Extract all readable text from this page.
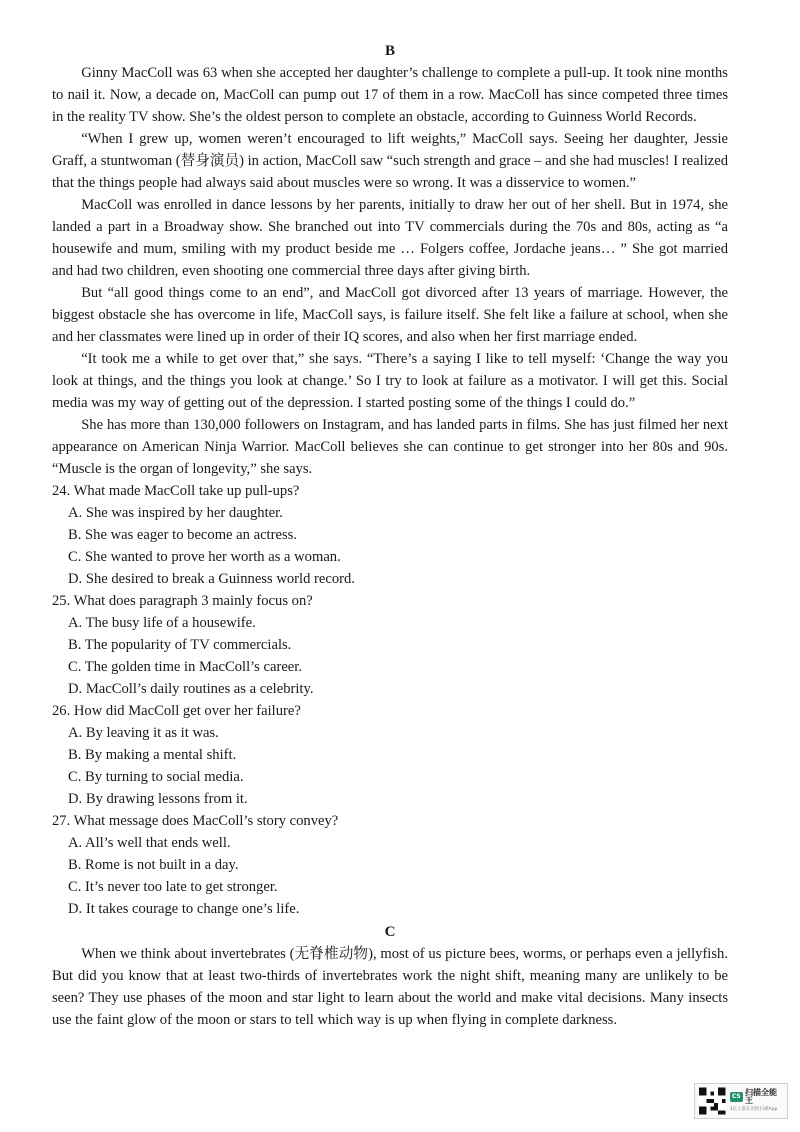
B

Ginny MacColl was 63 when she accepted her daughter’s challenge to complete a pull-up. It took nine months to nail it. Now, a decade on, MacColl can pump out 17 of them in a row. MacColl has since competed three times in the reality TV show. She’s the oldest person to complete an obstacle, according to Guinness World Records.

“When I grew up, women weren’t encouraged to lift weights,” MacColl says. Seeing her daughter, Jessie Graff, a stuntwoman (替身演员) in action, MacColl saw “such strength and grace – and she had muscles! I realized that the things people had always said about muscles were so wrong. It was a disservice to women.”

MacColl was enrolled in dance lessons by her parents, initially to draw her out of her shell. But in 1974, she landed a part in a Broadway show. She branched out into TV commercials during the 70s and 80s, acting as “a housewife and mum, smiling with my product beside me … Folgers coffee, Jordache jeans… ” She got married and had two children, even shooting one commercial three days after giving birth.

But “all good things come to an end”, and MacColl got divorced after 13 years of marriage. However, the biggest obstacle she has overcome in life, MacColl says, is failure itself. She felt like a failure at school, when she and her classmates were lined up in order of their IQ scores, and also when her first marriage ended.

“It took me a while to get over that,” she says. “There’s a saying I like to tell myself: ‘Change the way you look at things, and the things you look at change.’ So I try to look at failure as a motivator. I will get this. Social media was my way of getting out of the depression. I started posting some of the things I could do.”

She has more than 130,000 followers on Instagram, and has landed parts in films. She has just filmed her next appearance on American Ninja Warrior. MacColl believes she can continue to get stronger into her 80s and 90s. “Muscle is the organ of longevity,” she says.

24. What made MacColl take up pull-ups?

A. She was inspired by her daughter.

B. She was eager to become an actress.

C. She wanted to prove her worth as a woman.

D. She desired to break a Guinness world record.

25. What does paragraph 3 mainly focus on?

A. The busy life of a housewife.

B. The popularity of TV commercials.

C. The golden time in MacColl’s career.

D. MacColl’s daily routines as a celebrity.

26. How did MacColl get over her failure?

A. By leaving it as it was.

B. By making a mental shift.

C. By turning to social media.

D. By drawing lessons from it.

27. What message does MacColl’s story convey?

A. All’s well that ends well.

B. Rome is not built in a day.

C. It’s never too late to get stronger.

D. It takes courage to change one’s life.

C

When we think about invertebrates (无脊椎动物), most of us picture bees, worms, or perhaps even a jellyfish. But did you know that at least two-thirds of invertebrates work the night shift, meaning many are unlikely to be seen? They use phases of the moon and star light to learn about the world and make vital decisions. Many insects use the faint glow of the moon or stars to tell which way is up when flying in complete darkness.

CS 扫描全能王
3亿人都在用的扫描App
